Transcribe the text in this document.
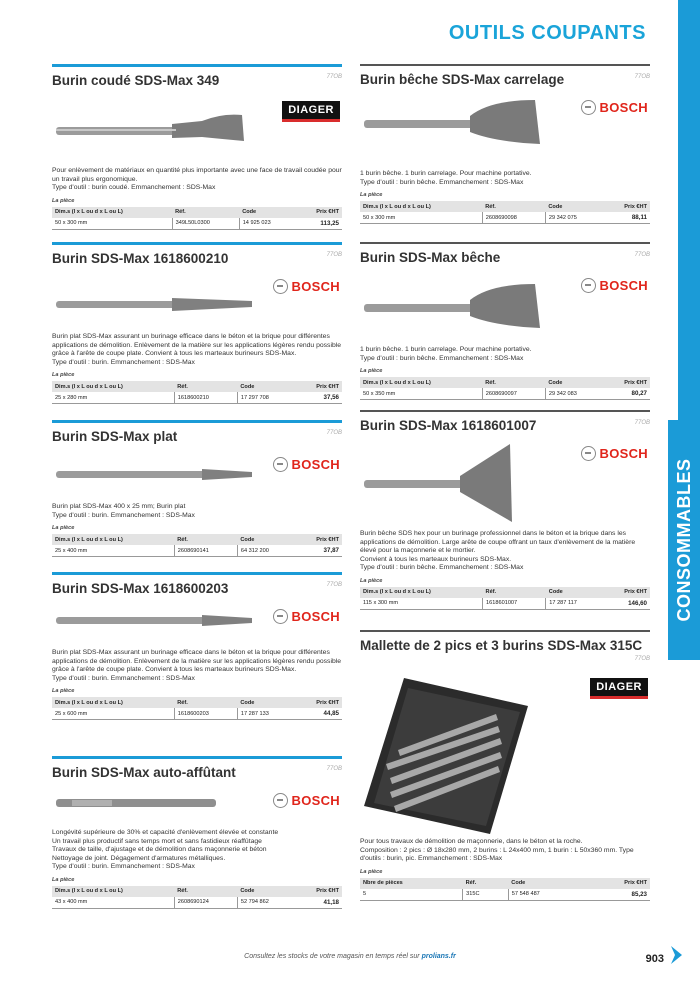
OUTILS COUPANTS
CONSOMMABLES
Burin coudé SDS-Max 349	77OB
DIAGER
Pour enlèvement de matériaux en quantité plus importante avec une face de travail coudée pour un travail plus ergonomique.
Type d'outil : burin coudé. Emmanchement : SDS-Max
La pièce
Dim.s (l x L ou d x L ou L)	Réf.	Code	Prix €HT
50 x 300 mm	349L50L0300	14 925 023	113,25
Burin SDS-Max 1618600210	77OB
BOSCH
Burin plat SDS-Max assurant un burinage efficace dans le béton et la brique pour différentes applications de démolition. Enlèvement de la matière sur les applications légères rendu possible grâce à l'arête de coupe plate. Convient à tous les marteaux burineurs SDS-Max.
Type d'outil : burin. Emmanchement : SDS-Max
La pièce
Dim.s (l x L ou d x L ou L)	Réf.	Code	Prix €HT
25 x 280 mm	1618600210	17 297 708	37,56
Burin SDS-Max plat	77OB
BOSCH
Burin plat SDS-Max 400 x 25 mm; Burin plat
Type d'outil : burin. Emmanchement : SDS-Max
La pièce
Dim.s (l x L ou d x L ou L)	Réf.	Code	Prix €HT
25 x 400 mm	2608690141	64 312 200	37,87
Burin SDS-Max 1618600203	77OB
BOSCH
Burin plat SDS-Max assurant un burinage efficace dans le béton et la brique pour différentes applications de démolition. Enlèvement de la matière sur les applications légères rendu possible grâce à l'arête de coupe plate. Convient à tous les marteaux burineurs SDS-Max.
Type d'outil : burin. Emmanchement : SDS-Max
La pièce
Dim.s (l x L ou d x L ou L)	Réf.	Code	Prix €HT
25 x 600 mm	1618600203	17 287 133	44,85
Burin SDS-Max auto-affûtant	77OB
BOSCH
Longévité supérieure de 30% et capacité d'enlèvement élevée et constante
Un travail plus productif sans temps mort et sans fastidieux réaffûtage
Travaux de taille, d'ajustage et de démolition dans maçonnerie et béton
Nettoyage de joint. Dégagement d'armatures métalliques.
Type d'outil : burin. Emmanchement : SDS-Max
La pièce
Dim.s (l x L ou d x L ou L)	Réf.	Code	Prix €HT
43 x 400 mm	2608690124	52 794 862	41,18
Burin bêche SDS-Max carrelage	77OB
BOSCH
1 burin bêche. 1 burin carrelage. Pour machine portative.
Type d'outil : burin bêche. Emmanchement : SDS-Max
La pièce
Dim.s (l x L ou d x L ou L)	Réf.	Code	Prix €HT
50 x 300 mm	2608690098	29 342 075	88,11
Burin SDS-Max bêche	77OB
BOSCH
1 burin bêche. 1 burin carrelage. Pour machine portative.
Type d'outil : burin bêche. Emmanchement : SDS-Max
La pièce
Dim.s (l x L ou d x L ou L)	Réf.	Code	Prix €HT
50 x 350 mm	2608690097	29 342 083	80,27
Burin SDS-Max 1618601007	77OB
BOSCH
Burin bêche SDS hex pour un burinage professionnel dans le béton et la brique dans les applications de démolition. Large arête de coupe offrant un taux d'enlèvement de la matière élevé pour la maçonnerie et le mortier.
Convient à tous les marteaux burineurs SDS-Max.
Type d'outil : burin bêche. Emmanchement : SDS-Max
La pièce
Dim.s (l x L ou d x L ou L)	Réf.	Code	Prix €HT
115 x 300 mm	1618601007	17 287 117	146,60
Mallette de 2 pics et 3 burins SDS-Max 315C
77OB
DIAGER
Pour tous travaux de démolition de maçonnerie, dans le béton et la roche.
Composition : 2 pics : Ø 18x280 mm, 2 burins : L 24x400 mm, 1 burin : L 50x360 mm. Type d'outils : burin, pic. Emmanchement : SDS-Max
La pièce
Nbre de pièces	Réf.	Code	Prix €HT
5	315C	57 548 487	85,23
Consultez les stocks de votre magasin en temps réel sur prolians.fr	903
